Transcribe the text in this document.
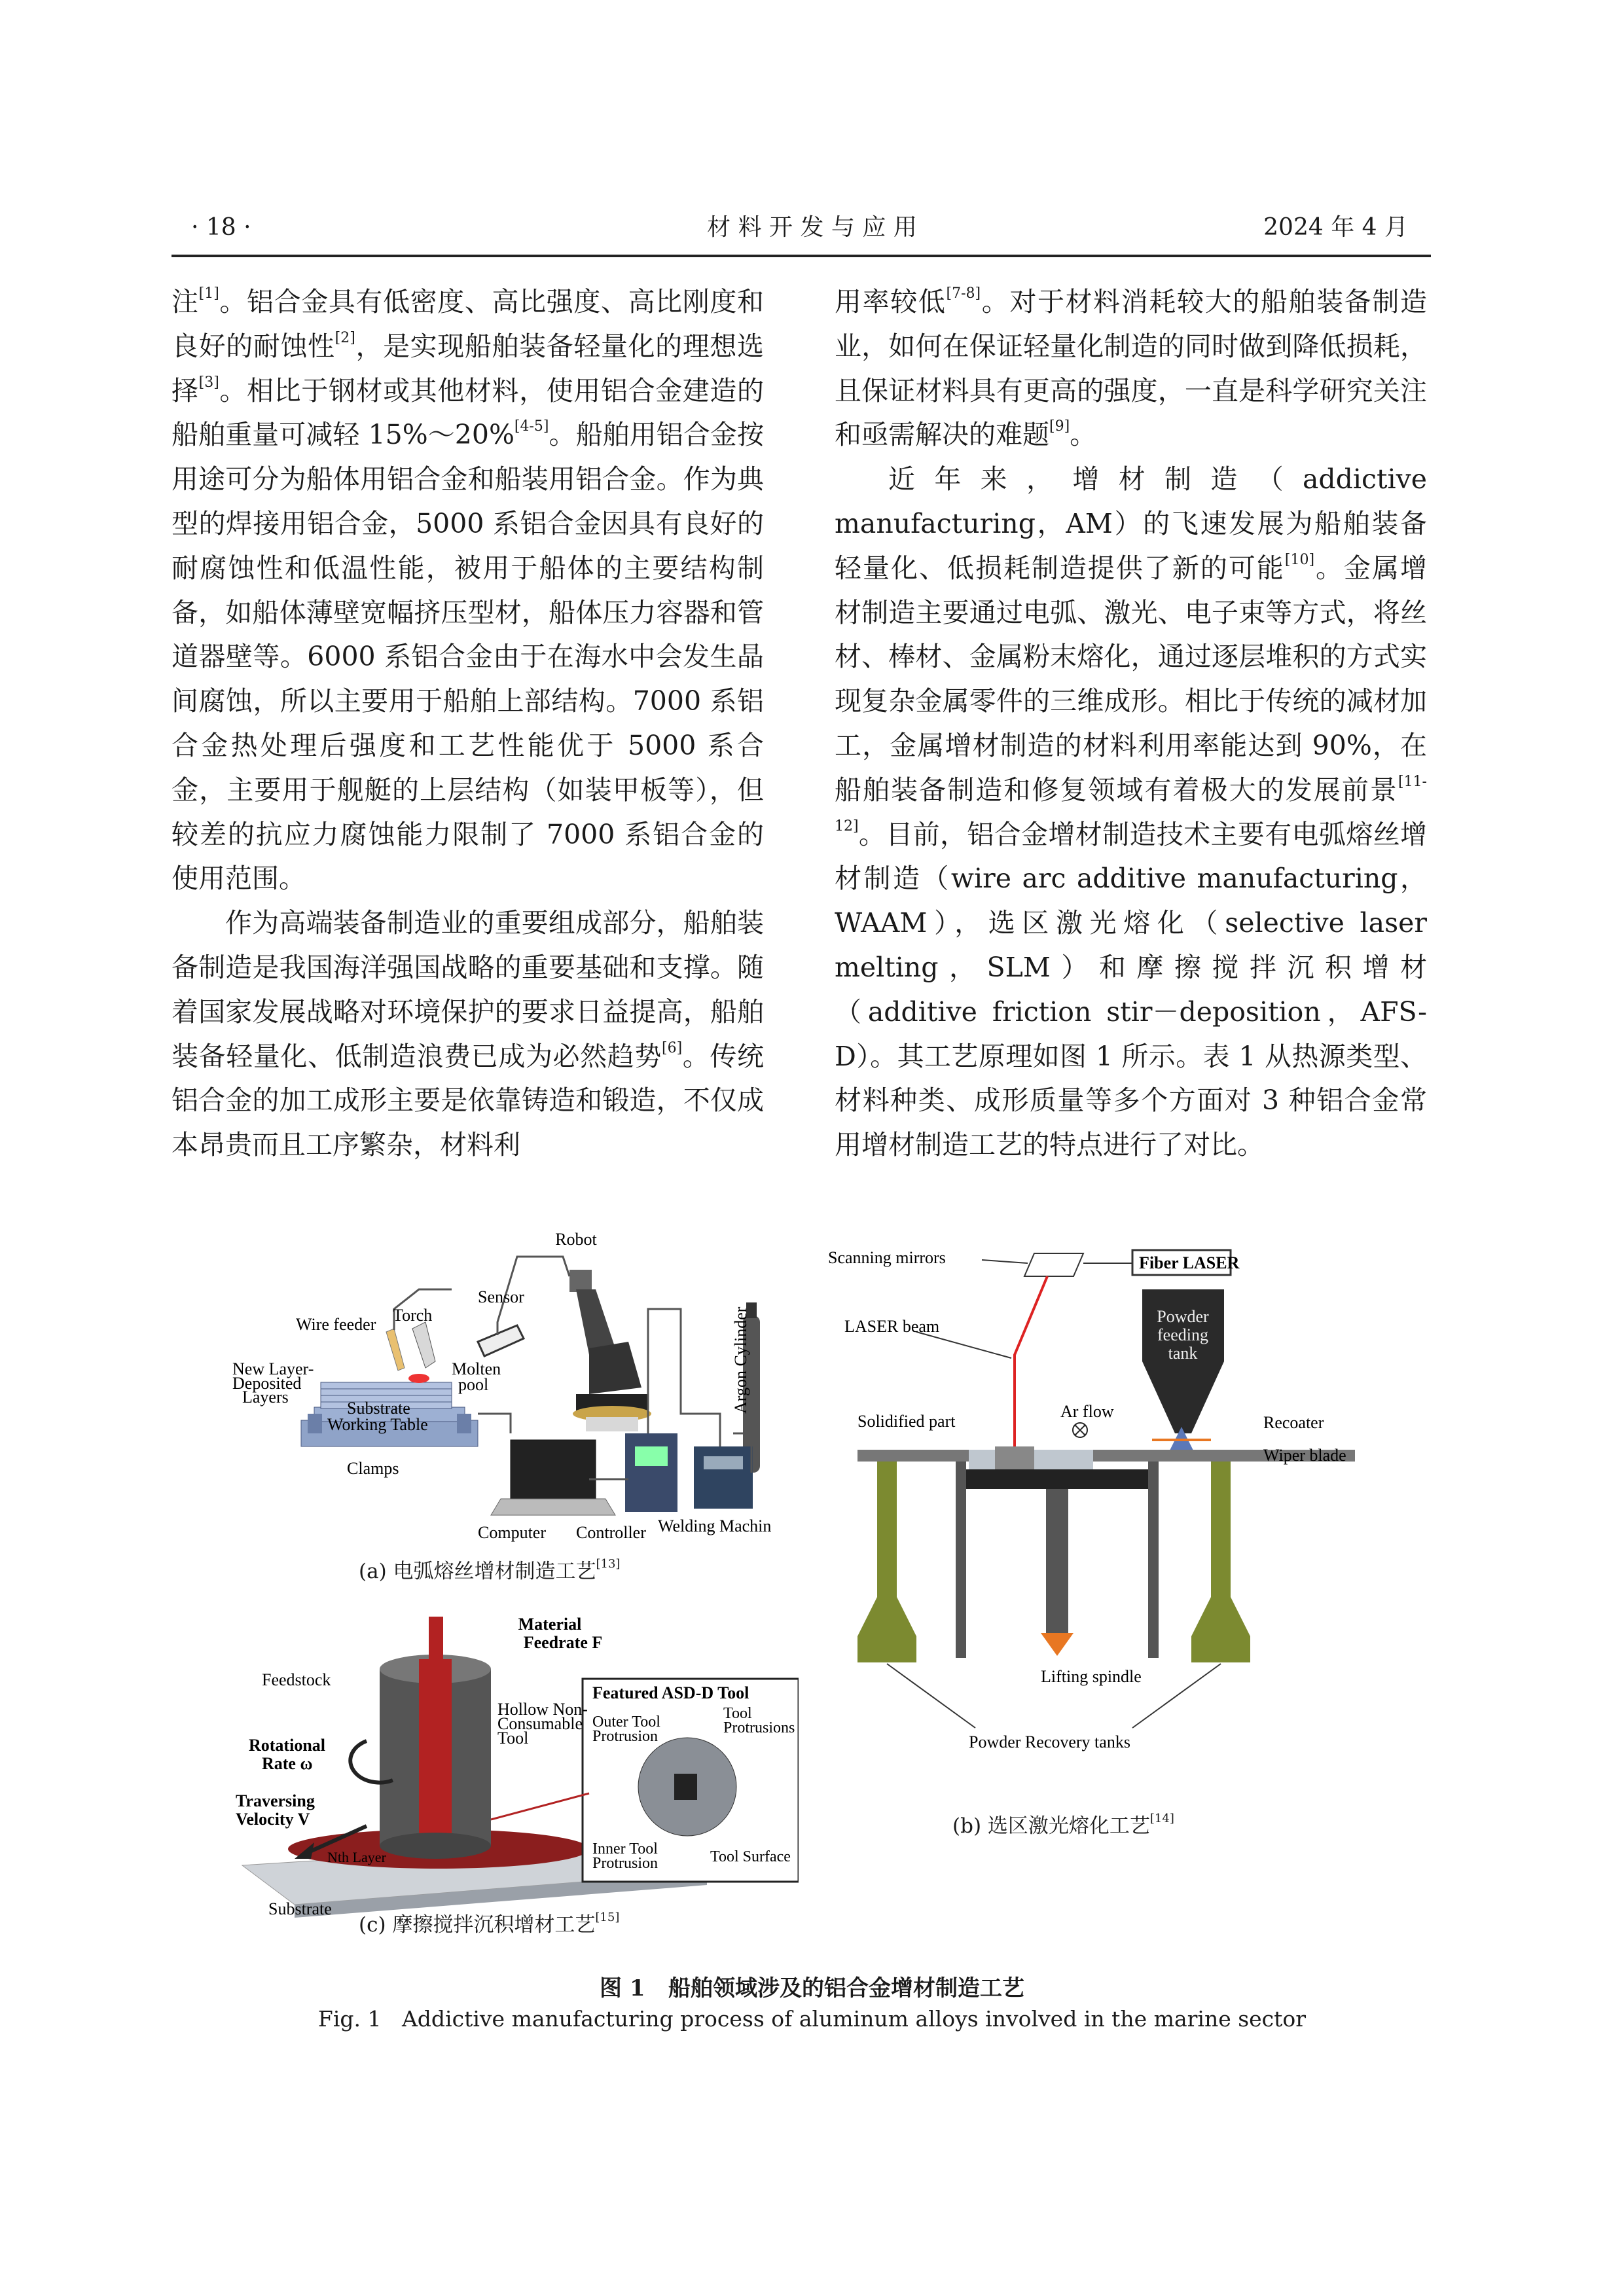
· 18 ·	材 料 开 发 与 应 用	2024 年 4 月

注[1]。铝合金具有低密度、高比强度、高比刚度和良好的耐蚀性[2]，是实现船舶装备轻量化的理想选择[3]。相比于钢材或其他材料，使用铝合金建造的船舶重量可减轻 15%～20%[4-5]。船舶用铝合金按用途可分为船体用铝合金和船装用铝合金。作为典型的焊接用铝合金，5000 系铝合金因具有良好的耐腐蚀性和低温性能，被用于船体的主要结构制备，如船体薄壁宽幅挤压型材，船体压力容器和管道器壁等。6000 系铝合金由于在海水中会发生晶间腐蚀，所以主要用于船舶上部结构。7000 系铝合金热处理后强度和工艺性能优于 5000 系合金，主要用于舰艇的上层结构（如装甲板等），但较差的抗应力腐蚀能力限制了 7000 系铝合金的使用范围。

作为高端装备制造业的重要组成部分，船舶装备制造是我国海洋强国战略的重要基础和支撑。随着国家发展战略对环境保护的要求日益提高，船舶装备轻量化、低制造浪费已成为必然趋势[6]。传统铝合金的加工成形主要是依靠铸造和锻造，不仅成本昂贵而且工序繁杂，材料利

用率较低[7-8]。对于材料消耗较大的船舶装备制造业，如何在保证轻量化制造的同时做到降低损耗，且保证材料具有更高的强度，一直是科学研究关注和亟需解决的难题[9]。

近年来，增材制造（addictive manufacturing，AM）的飞速发展为船舶装备轻量化、低损耗制造提供了新的可能[10]。金属增材制造主要通过电弧、激光、电子束等方式，将丝材、棒材、金属粉末熔化，通过逐层堆积的方式实现复杂金属零件的三维成形。相比于传统的减材加工，金属增材制造的材料利用率能达到 90%，在船舶装备制造和修复领域有着极大的发展前景[11-12]。目前，铝合金增材制造技术主要有电弧熔丝增材制造（wire arc additive manufacturing，WAAM），选区激光熔化（selective laser melting，SLM）和摩擦搅拌沉积增材（additive friction stir－deposition，AFS-D）。其工艺原理如图 1 所示。表 1 从热源类型、材料种类、成形质量等多个方面对 3 种铝合金常用增材制造工艺的特点进行了对比。

Robot
Sensor
Torch
Wire feeder
New Layer-
Deposited
Layers
Molten
pool
Substrate
Working Table
Clamps
Argon Cylinder
Computer Controller Welding Machin
(a) 电弧熔丝增材制造工艺[13]
Scanning mirrors	Fiber LASER
LASER beam
Powder
feeding
tank
Solidified part
Ar flow
Recoater
Wiper blade
Lifting spindle
Powder Recovery tanks
(b) 选区激光熔化工艺[14]
Material
Feedrate F
Feedstock
Hollow Non-
Consumable
Tool
Rotational
Rate ω
Traversing
Velocity V
Nth Layer
Substrate
Featured ASD-D Tool
Outer Tool
Protrusion
Tool
Protrusions
Inner Tool
Protrusion	Tool Surface
(c) 摩擦搅拌沉积增材工艺[15]
图 1 船舶领域涉及的铝合金增材制造工艺
Fig. 1 Addictive manufacturing process of aluminum alloys involved in the marine sector
